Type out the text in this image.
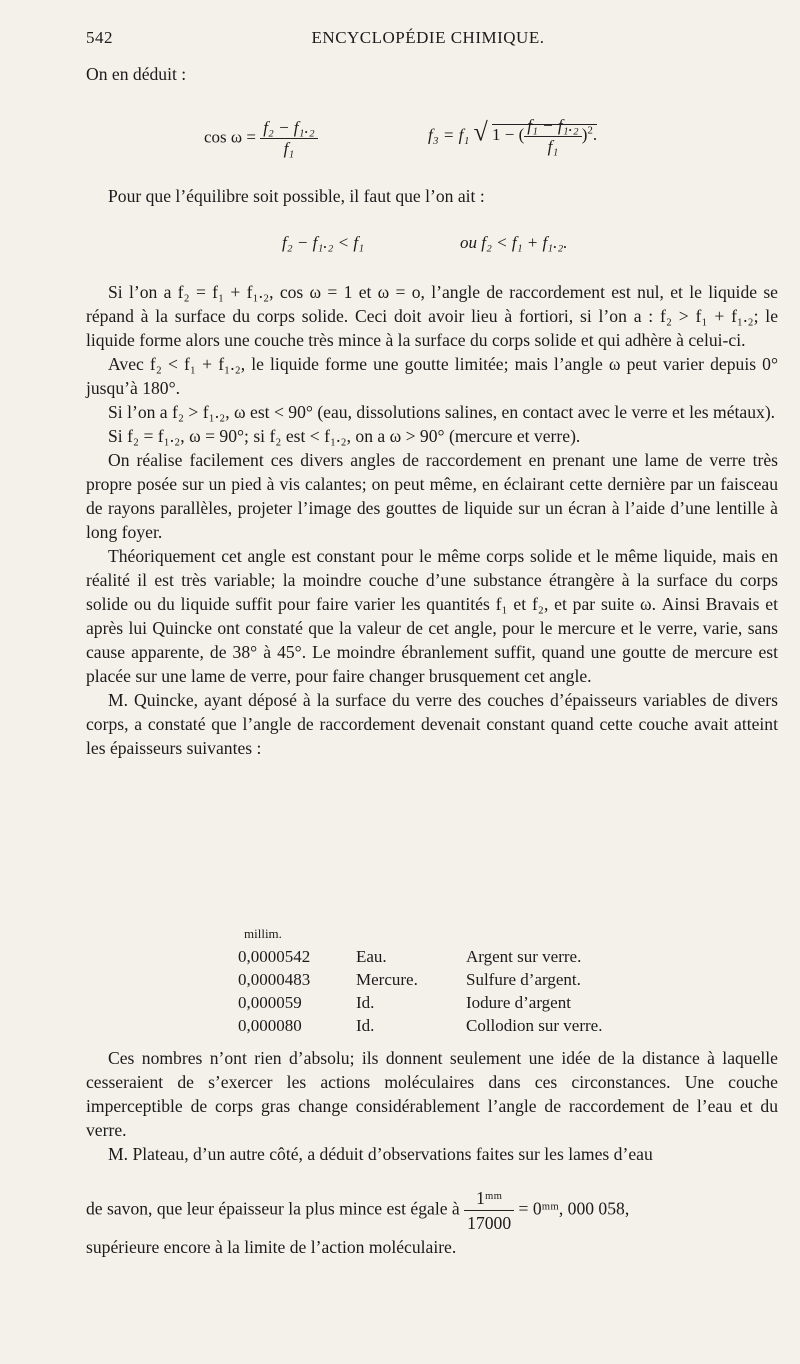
542	ENCYCLOPÉDIE CHIMIQUE.

On en déduit :

$\cos \omega = \frac{\text{f₂ − f₁.₂}}{\text{f₁}}$	f₃ = f₁ √ 1 − ( $\frac{\text{f₁ − f₁.₂}}{\text{f₁}} )^2$.

Pour que l’équilibre soit possible, il faut que l’on ait :

f₂ − f₁.₂ < f₁	ou f₂ < f₁ + f₁.₂.

Si l’on a f₂ = f₁ + f₁.₂, cos ω = 1 et ω = o, l’angle de raccordement est nul, et le liquide se répand à la surface du corps solide. Ceci doit avoir lieu à fortiori, si l’on a : f₂ > f₁ + f₁.₂; le liquide forme alors une couche très mince à la surface du corps solide et qui adhère à celui-ci.

Avec f₂ < f₁ + f₁.₂, le liquide forme une goutte limitée; mais l’angle ω peut varier depuis 0° jusqu’à 180°.

Si l’on a f₂ > f₁.₂, ω est < 90° (eau, dissolutions salines, en contact avec le verre et les métaux).

Si f₂ = f₁.₂, ω = 90°; si f₂ est < f₁.₂, on a ω > 90° (mercure et verre).

On réalise facilement ces divers angles de raccordement en prenant une lame de verre très propre posée sur un pied à vis calantes; on peut même, en éclairant cette dernière par un faisceau de rayons parallèles, projeter l’image des gouttes de liquide sur un écran à l’aide d’une lentille à long foyer.

Théoriquement cet angle est constant pour le même corps solide et le même liquide, mais en réalité il est très variable; la moindre couche d’une substance étrangère à la surface du corps solide ou du liquide suffit pour faire varier les quantités f₁ et f₂, et par suite ω. Ainsi Bravais et après lui Quincke ont constaté que la valeur de cet angle, pour le mercure et le verre, varie, sans cause apparente, de 38° à 45°. Le moindre ébranlement suffit, quand une goutte de mercure est placée sur une lame de verre, pour faire changer brusquement cet angle.

M. Quincke, ayant déposé à la surface du verre des couches d’épaisseurs variables de divers corps, a constaté que l’angle de raccordement devenait constant quand cette couche avait atteint les épaisseurs suivantes :

millim.
0,0000542	Eau.	Argent sur verre.
0,0000483	Mercure.	Sulfure d’argent.
0,000059	Id.	Iodure d’argent
0,000080	Id.	Collodion sur verre.

Ces nombres n’ont rien d’absolu; ils donnent seulement une idée de la distance à laquelle cesseraient de s’exercer les actions moléculaires dans ces circonstances. Une couche imperceptible de corps gras change considérablement l’angle de raccordement de l’eau et du verre.

M. Plateau, d’un autre côté, a déduit d’observations faites sur les lames d’eau

de savon, que leur épaisseur la plus mince est égale à $\frac{\text{1ᵐᵐ}}{17000}$ = 0ᵐᵐ, 000 058,

supérieure encore à la limite de l’action moléculaire.
